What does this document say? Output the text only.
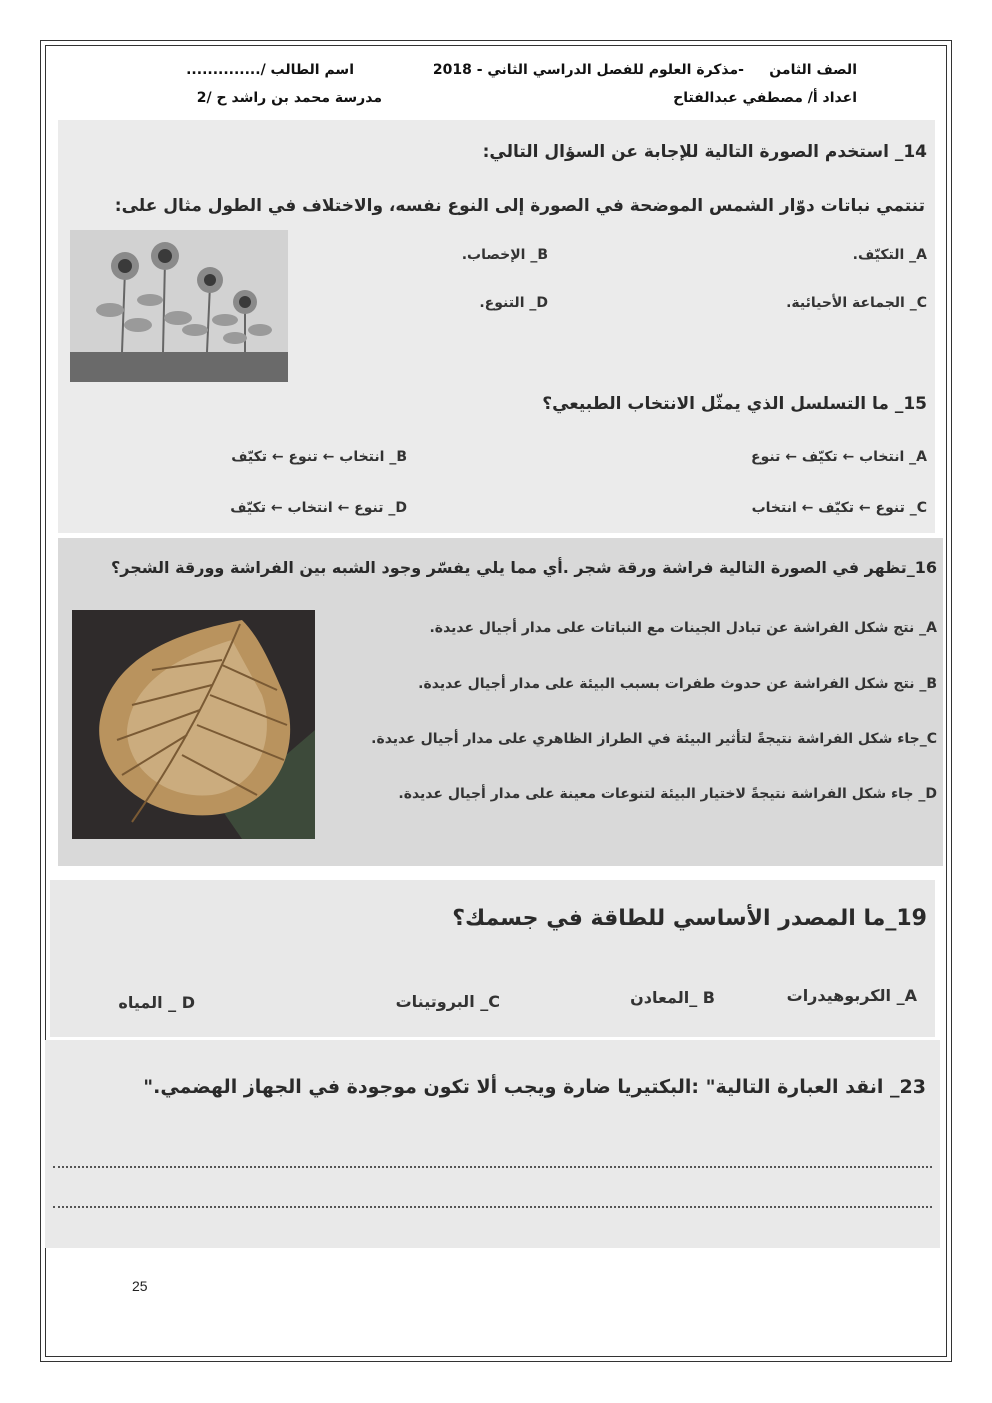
الصف الثامن
-مذكرة العلوم للفصل الدراسي الثاني - 2018
اسم الطالب /..............
اعداد أ/ مصطفي عبدالفتاح
مدرسة محمد بن راشد ح /2
14_ استخدم الصورة التالية للإجابة عن السؤال التالي:
تنتمي نباتات دوّار الشمس الموضحة في الصورة إلى النوع نفسه، والاختلاف في الطول مثال على:
A_ التكيّف.
B_ الإخصاب.
C_ الجماعة الأحيائية.
D_ التنوع.
15_ ما التسلسل الذي يمثّل الانتخاب الطبيعي؟
A_ انتخاب ← تكيّف ← تنوع
B_ انتخاب ← تنوع ← تكيّف
C_ تنوع ← تكيّف ← انتخاب
D_ تنوع ← انتخاب ← تكيّف
16_تظهر في الصورة التالية فراشة ورقة شجر .أي مما يلي يفسّر وجود الشبه بين الفراشة وورقة الشجر؟
A_ نتج شكل الفراشة عن تبادل الجينات مع النباتات على مدار أجيال عديدة.
B_ نتج شكل الفراشة عن حدوث طفرات بسبب البيئة على مدار أجيال عديدة.
C_جاء شكل الفراشة نتيجةً لتأثير البيئة في الطراز الظاهري على مدار أجيال عديدة.
D_ جاء شكل الفراشة نتيجةً لاختيار البيئة لتنوعات معينة على مدار أجيال عديدة.
19_ما المصدر الأساسي للطاقة في جسمك؟
A_ الكربوهيدرات
B _المعادن
C_ البروتينات
D _ المياه
23_ انقد العبارة التالية" :البكتيريا ضارة ويجب ألا تكون موجودة في الجهاز الهضمي."
25
